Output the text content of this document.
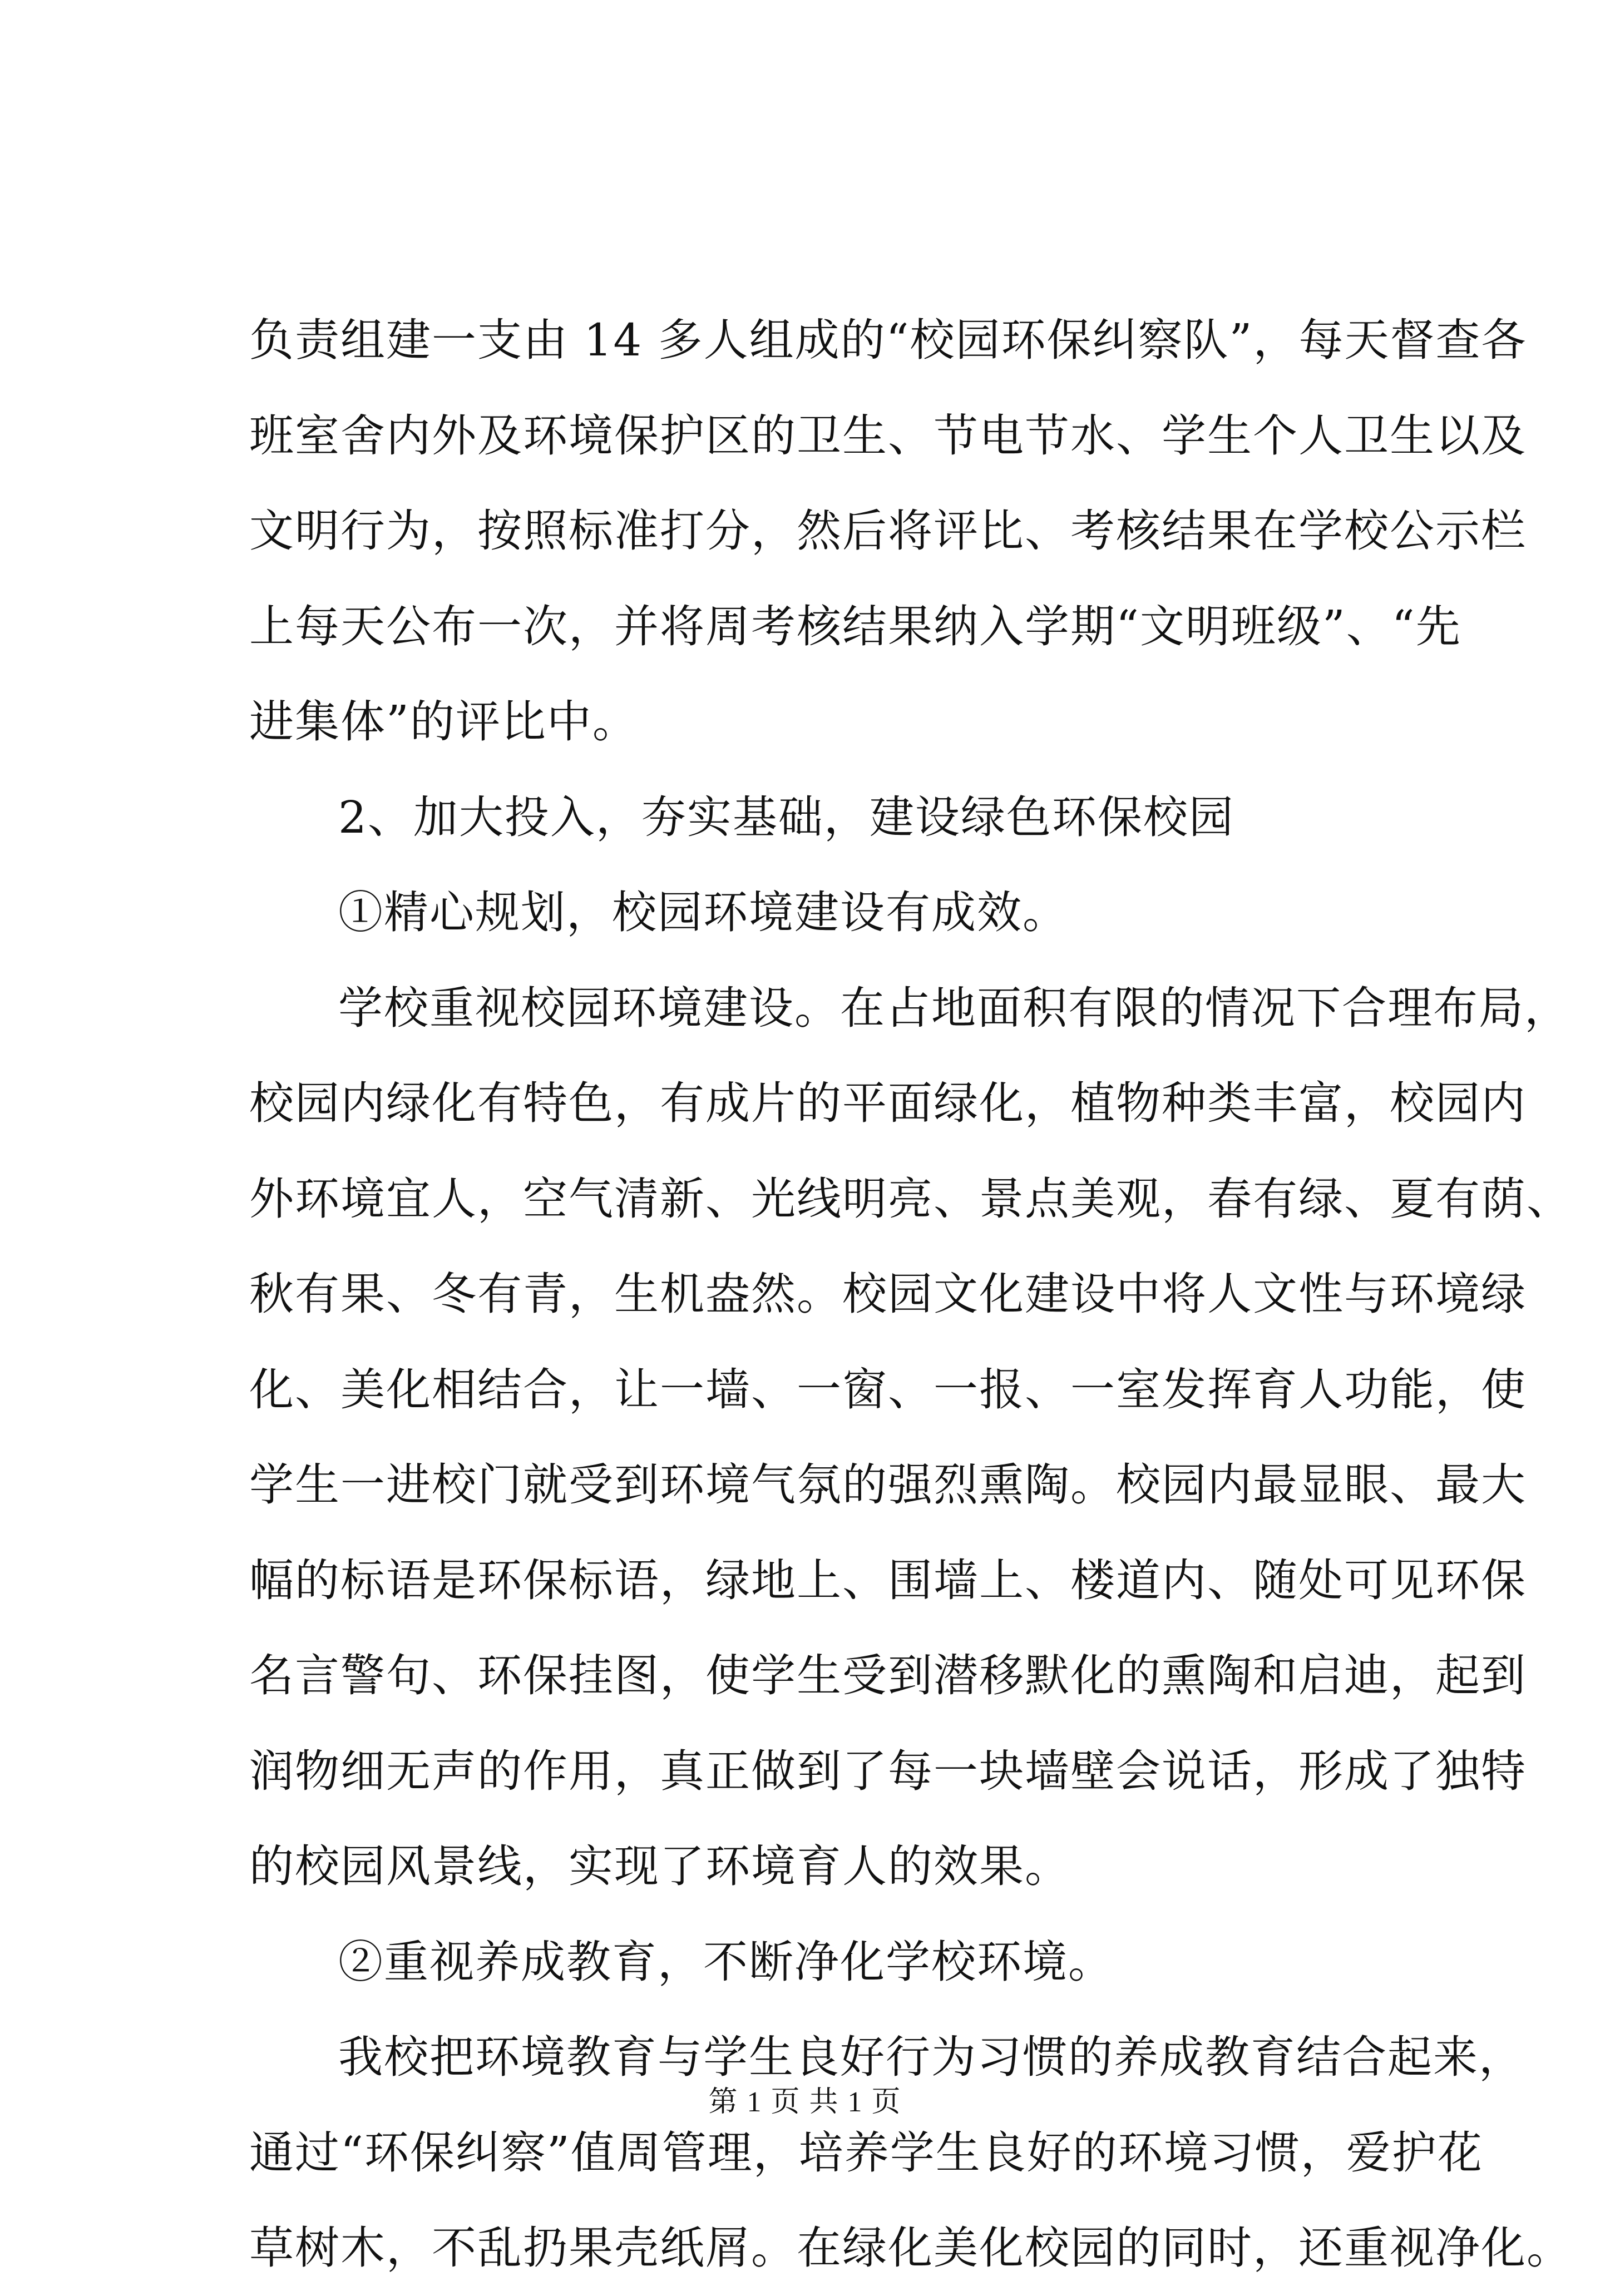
负责组建一支由 14 多人组成的“校园环保纠察队”，每天督查各
班室舍内外及环境保护区的卫生、节电节水、学生个人卫生以及
文明行为，按照标准打分，然后将评比、考核结果在学校公示栏
上每天公布一次，并将周考核结果纳入学期“文明班级”、“先
进集体”的评比中。
2、加大投入，夯实基础，建设绿色环保校园
①精心规划，校园环境建设有成效。
学校重视校园环境建设。在占地面积有限的情况下合理布局，
校园内绿化有特色，有成片的平面绿化，植物种类丰富，校园内
外环境宜人，空气清新、光线明亮、景点美观，春有绿、夏有荫、
秋有果、冬有青，生机盎然。校园文化建设中将人文性与环境绿
化、美化相结合，让一墙、一窗、一报、一室发挥育人功能，使
学生一进校门就受到环境气氛的强烈熏陶。校园内最显眼、最大
幅的标语是环保标语，绿地上、围墙上、楼道内、随处可见环保
名言警句、环保挂图，使学生受到潜移默化的熏陶和启迪，起到
润物细无声的作用，真正做到了每一块墙壁会说话，形成了独特
的校园风景线，实现了环境育人的效果。
②重视养成教育，不断净化学校环境。
我校把环境教育与学生良好行为习惯的养成教育结合起来，
通过“环保纠察”值周管理，培养学生良好的环境习惯，爱护花
草树木，不乱扔果壳纸屑。在绿化美化校园的同时，还重视净化。
第 1 页 共 1 页
